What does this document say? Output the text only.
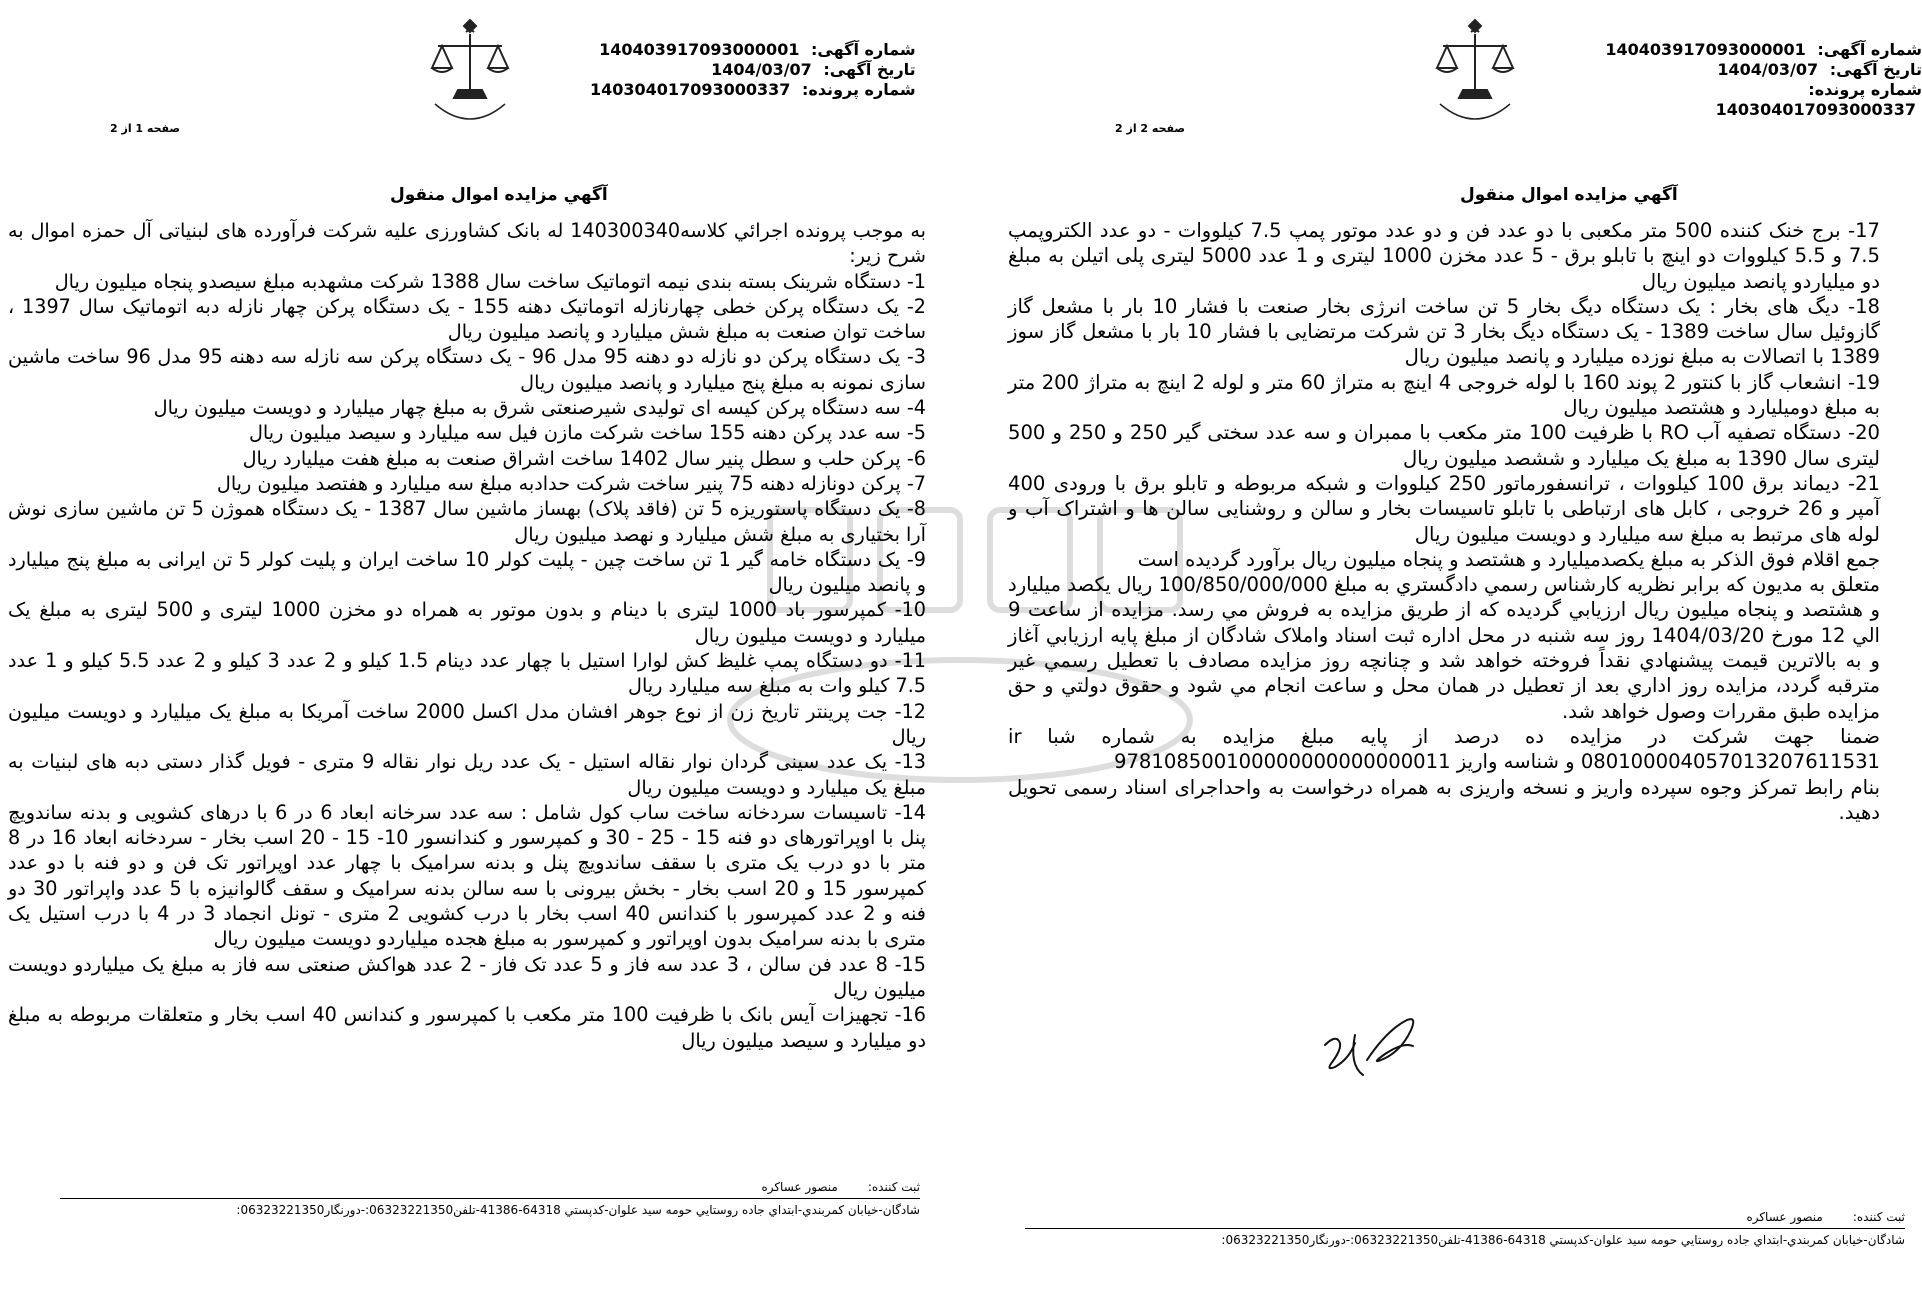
شماره آگهی: 140403917093000001
تاریخ آگهی: 1404/03/07
شماره پرونده: 140304017093000337
صفحه 1 از 2
آگهي مزايده اموال منقول

به موجب پرونده اجرائي کلاسه140300340 له بانک کشاورزی علیه شرکت فرآورده های لبنیاتی آل حمزه اموال به شرح زیر:

1- دستگاه شرینک بسته بندی نیمه اتوماتیک ساخت سال 1388 شرکت مشهدبه مبلغ سیصدو پنجاه میلیون ریال

2- یک دستگاه پرکن خطی چهارنازله اتوماتیک دهنه 155 - یک دستگاه پرکن چهار نازله دبه اتوماتیک سال 1397 ، ساخت توان صنعت به مبلغ شش میلیارد و پانصد میلیون ریال

3- یک دستگاه پرکن دو نازله دو دهنه 95 مدل 96 - یک دستگاه پرکن سه نازله سه دهنه 95 مدل 96 ساخت ماشین سازی نمونه به مبلغ پنج میلیارد و پانصد میلیون ریال

4- سه دستگاه پرکن کیسه ای تولیدی شیرصنعتی شرق به مبلغ چهار میلیارد و دویست میلیون ریال

5- سه عدد پرکن دهنه 155 ساخت شرکت مازن فیل سه میلیارد و سیصد میلیون ریال

6- پرکن حلب و سطل پنیر سال 1402 ساخت اشراق صنعت به مبلغ هفت میلیارد ریال

7- پرکن دونازله دهنه 75 پنیر ساخت شرکت حدادبه مبلغ سه میلیارد و هفتصد میلیون ریال

8- یک دستگاه پاستوریزه 5 تن (فاقد پلاک) بهساز ماشین سال 1387 - یک دستگاه هموژن 5 تن ماشین سازی نوش آرا بختیاری به مبلغ شش میلیارد و نهصد میلیون ریال

9- یک دستگاه خامه گیر 1 تن ساخت چین - پلیت کولر 10 ساخت ایران و پلیت کولر 5 تن ایرانی به مبلغ پنج میلیارد و پانصد میلیون ریال

10- کمپرسور باد 1000 لیتری با دینام و بدون موتور به همراه دو مخزن 1000 لیتری و 500 لیتری به مبلغ یک میلیارد و دویست میلیون ریال

11- دو دستگاه پمپ غلیظ کش لوارا استیل با چهار عدد دینام 1.5 کیلو و 2 عدد 3 کیلو و 2 عدد 5.5 کیلو و 1 عدد 7.5 کیلو وات به مبلغ سه میلیارد ریال

12- جت پرینتر تاریخ زن از نوع جوهر افشان مدل اکسل 2000 ساخت آمریکا به مبلغ یک میلیارد و دویست میلیون ریال

13- یک عدد سینی گردان نوار نقاله استیل - یک عدد ریل نوار نقاله 9 متری - فویل گذار دستی دبه های لبنیات به مبلغ یک میلیارد و دویست میلیون ریال

14- تاسیسات سردخانه ساخت ساب کول شامل : سه عدد سرخانه ابعاد 6 در 6 با درهای کشویی و بدنه ساندویچ پنل با اوپراتورهای دو فنه 15 - 25 - 30 و کمپرسور و کندانسور 10- 15 - 20 اسب بخار - سردخانه ابعاد 16 در 8 متر با دو درب یک متری با سقف ساندویچ پنل و بدنه سرامیک با چهار عدد اوپراتور تک فن و دو فنه با دو عدد کمپرسور 15 و 20 اسب بخار - بخش بیرونی با سه سالن بدنه سرامیک و سقف گالوانیزه با 5 عدد واپراتور 30 دو فنه و 2 عدد کمپرسور با کندانس 40 اسب بخار با درب کشویی 2 متری - تونل انجماد 3 در 4 با درب استیل یک متری با بدنه سرامیک بدون اوپراتور و کمپرسور به مبلغ هجده میلیاردو دویست میلیون ریال

15- 8 عدد فن سالن ، 3 عدد سه فاز و 5 عدد تک فاز - 2 عدد هواکش صنعتی سه فاز به مبلغ یک میلیاردو دویست میلیون ریال

16- تجهیزات آیس بانک با ظرفیت 100 متر مکعب با کمپرسور و کندانس 40 اسب بخار و متعلقات مربوطه به مبلغ دو میلیارد و سیصد میلیون ریال

ثبت کننده:
منصور عساکره
شادگان-خیابان کمربندي-ابتداي جاده روستايي حومه سيد علوان-کدپستي 64318-41386-تلفن06323221350:-دورنگار06323221350:
شماره آگهی: 140403917093000001
تاریخ آگهی: 1404/03/07
شماره پرونده: 140304017093000337
صفحه 2 از 2
آگهي مزايده اموال منقول

17- برج خنک کننده 500 متر مکعبی با دو عدد فن و دو عدد موتور پمپ 7.5 کیلووات - دو عدد الکتروپمپ 7.5 و 5.5 کیلووات دو اینچ با تابلو برق - 5 عدد مخزن 1000 لیتری و 1 عدد 5000 لیتری پلی اتیلن به مبلغ دو میلیاردو پانصد میلیون ریال

18- دیگ های بخار : یک دستگاه دیگ بخار 5 تن ساخت انرژی بخار صنعت با فشار 10 بار با مشعل گاز گازوئیل سال ساخت 1389 - یک دستگاه دیگ بخار 3 تن شرکت مرتضایی با فشار 10 بار با مشعل گاز سوز 1389 با اتصالات به مبلغ نوزده میلیارد و پانصد میلیون ریال

19- انشعاب گاز با کنتور 2 پوند 160 با لوله خروجی 4 اینچ به متراژ 60 متر و لوله 2 اینچ به متراژ 200 متر به مبلغ دومیلیارد و هشتصد میلیون ریال

20- دستگاه تصفیه آب RO با ظرفیت 100 متر مکعب با ممبران و سه عدد سختی گیر 250 و 250 و 500 لیتری سال 1390 به مبلغ یک میلیارد و ششصد میلیون ریال

21- دیماند برق 100 کیلووات ، ترانسفورماتور 250 کیلووات و شبکه مربوطه و تابلو برق با ورودی 400 آمپر و 26 خروجی ، کابل های ارتباطی با تابلو تاسیسات بخار و سالن و روشنایی سالن ها و اشتراک آب و لوله های مرتبط به مبلغ سه میلیارد و دویست میلیون ریال

جمع اقلام فوق الذکر به مبلغ یکصدمیلیارد و هشتصد و پنجاه میلیون ریال برآورد گردیده است

متعلق به مديون که برابر نظريه کارشناس رسمي دادگستري به مبلغ 100/850/000/000 ريال يکصد ميليارد و هشتصد و پنجاه میلیون ريال ارزيابي گرديده که از طريق مزايده به فروش مي رسد. مزايده از ساعت 9 الي 12 مورخ 1404/03/20 روز سه شنبه در محل اداره ثبت اسناد واملاک شادگان از مبلغ پايه ارزيابي آغاز و به بالاترين قيمت پيشنهادي نقداً فروخته خواهد شد و چنانچه روز مزايده مصادف با تعطيل رسمي غير مترقبه گردد، مزايده روز اداري بعد از تعطيل در همان محل و ساعت انجام مي شود و حقوق دولتي و حق مزايده طبق مقررات وصول خواهد شد.

ضمنا جهت شرکت در مزایده ده درصد از پایه مبلغ مزایده به شماره شبا ir 080100004057013207611531 و شناسه واریز 978108500100000000000000011

بنام رابط تمرکز وجوه سپرده واریز و نسخه واریزی به همراه درخواست به واحداجرای اسناد رسمی تحویل دهید.

ثبت کننده:
منصور عساکره
شادگان-خیابان کمربندي-ابتداي جاده روستايي حومه سيد علوان-کدپستي 64318-41386-تلفن06323221350:-دورنگار06323221350:
